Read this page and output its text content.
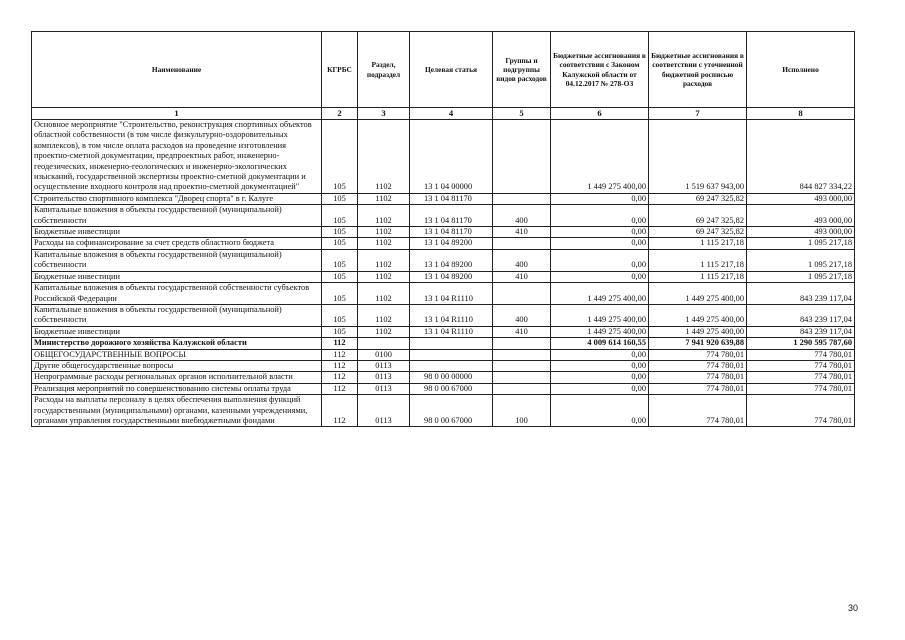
Наименование	КГРБС	Раздел, подраздел	Целевая статья	Группы и подгруппы видов расходов	Бюджетные ассигнования в соответствии с Законом Калужской области от 04.12.2017 № 278-ОЗ	Бюджетные ассигнования в соответствии с уточненной бюджетной росписью расходов	Исполнено
1	2	3	4	5	6	7	8
Основное мероприятие "Строительство, реконструкция спортивных объектов областной собственности (в том числе физкультурно-оздоровительных комплексов), в том числе оплата расходов на проведение изготовления проектно-сметной документации, предпроектных работ, инженерно-геодезических, инженерно-геологических и инженерно-экологических изысканий, государственной экспертизы проектно-сметной документации и осуществление входного контроля над проектно-сметной документацией"	105	1102	13 1 04 00000		1 449 275 400,00	1 519 637 943,00	844 827 334,22
Строительство спортивного комплекса "Дворец спорта" в г. Калуге	105	1102	13 1 04 81170		0,00	69 247 325,82	493 000,00
Капитальные вложения в объекты государственной (муниципальной) собственности	105	1102	13 1 04 81170	400	0,00	69 247 325,82	493 000,00
Бюджетные инвестиции	105	1102	13 1 04 81170	410	0,00	69 247 325,82	493 000,00
Расходы на софинансирование за счет средств областного бюджета	105	1102	13 1 04 89200		0,00	1 115 217,18	1 095 217,18
Капитальные вложения в объекты государственной (муниципальной) собственности	105	1102	13 1 04 89200	400	0,00	1 115 217,18	1 095 217,18
Бюджетные инвестиции	105	1102	13 1 04 89200	410	0,00	1 115 217,18	1 095 217,18
Капитальные вложения в объекты государственной собственности субъектов Российской Федерации	105	1102	13 1 04 R1110		1 449 275 400,00	1 449 275 400,00	843 239 117,04
Капитальные вложения в объекты государственной (муниципальной) собственности	105	1102	13 1 04 R1110	400	1 449 275 400,00	1 449 275 400,00	843 239 117,04
Бюджетные инвестиции	105	1102	13 1 04 R1110	410	1 449 275 400,00	1 449 275 400,00	843 239 117,04
Министерство дорожного хозяйства Калужской области	112				4 009 614 160,55	7 941 920 639,88	1 290 595 787,60
ОБЩЕГОСУДАРСТВЕННЫЕ ВОПРОСЫ	112	0100			0,00	774 780,01	774 780,01
Другие общегосударственные вопросы	112	0113			0,00	774 780,01	774 780,01
Непрограммные расходы региональных органов исполнительной власти	112	0113	98 0 00 00000		0,00	774 780,01	774 780,01
Реализация мероприятий по совершенствованию системы оплаты труда	112	0113	98 0 00 67000		0,00	774 780,01	774 780,01
Расходы на выплаты персоналу в целях обеспечения выполнения функций государственными (муниципальными) органами, казенными учреждениями, органами управления государственными внебюджетными фондами	112	0113	98 0 00 67000	100	0,00	774 780,01	774 780,01
30
